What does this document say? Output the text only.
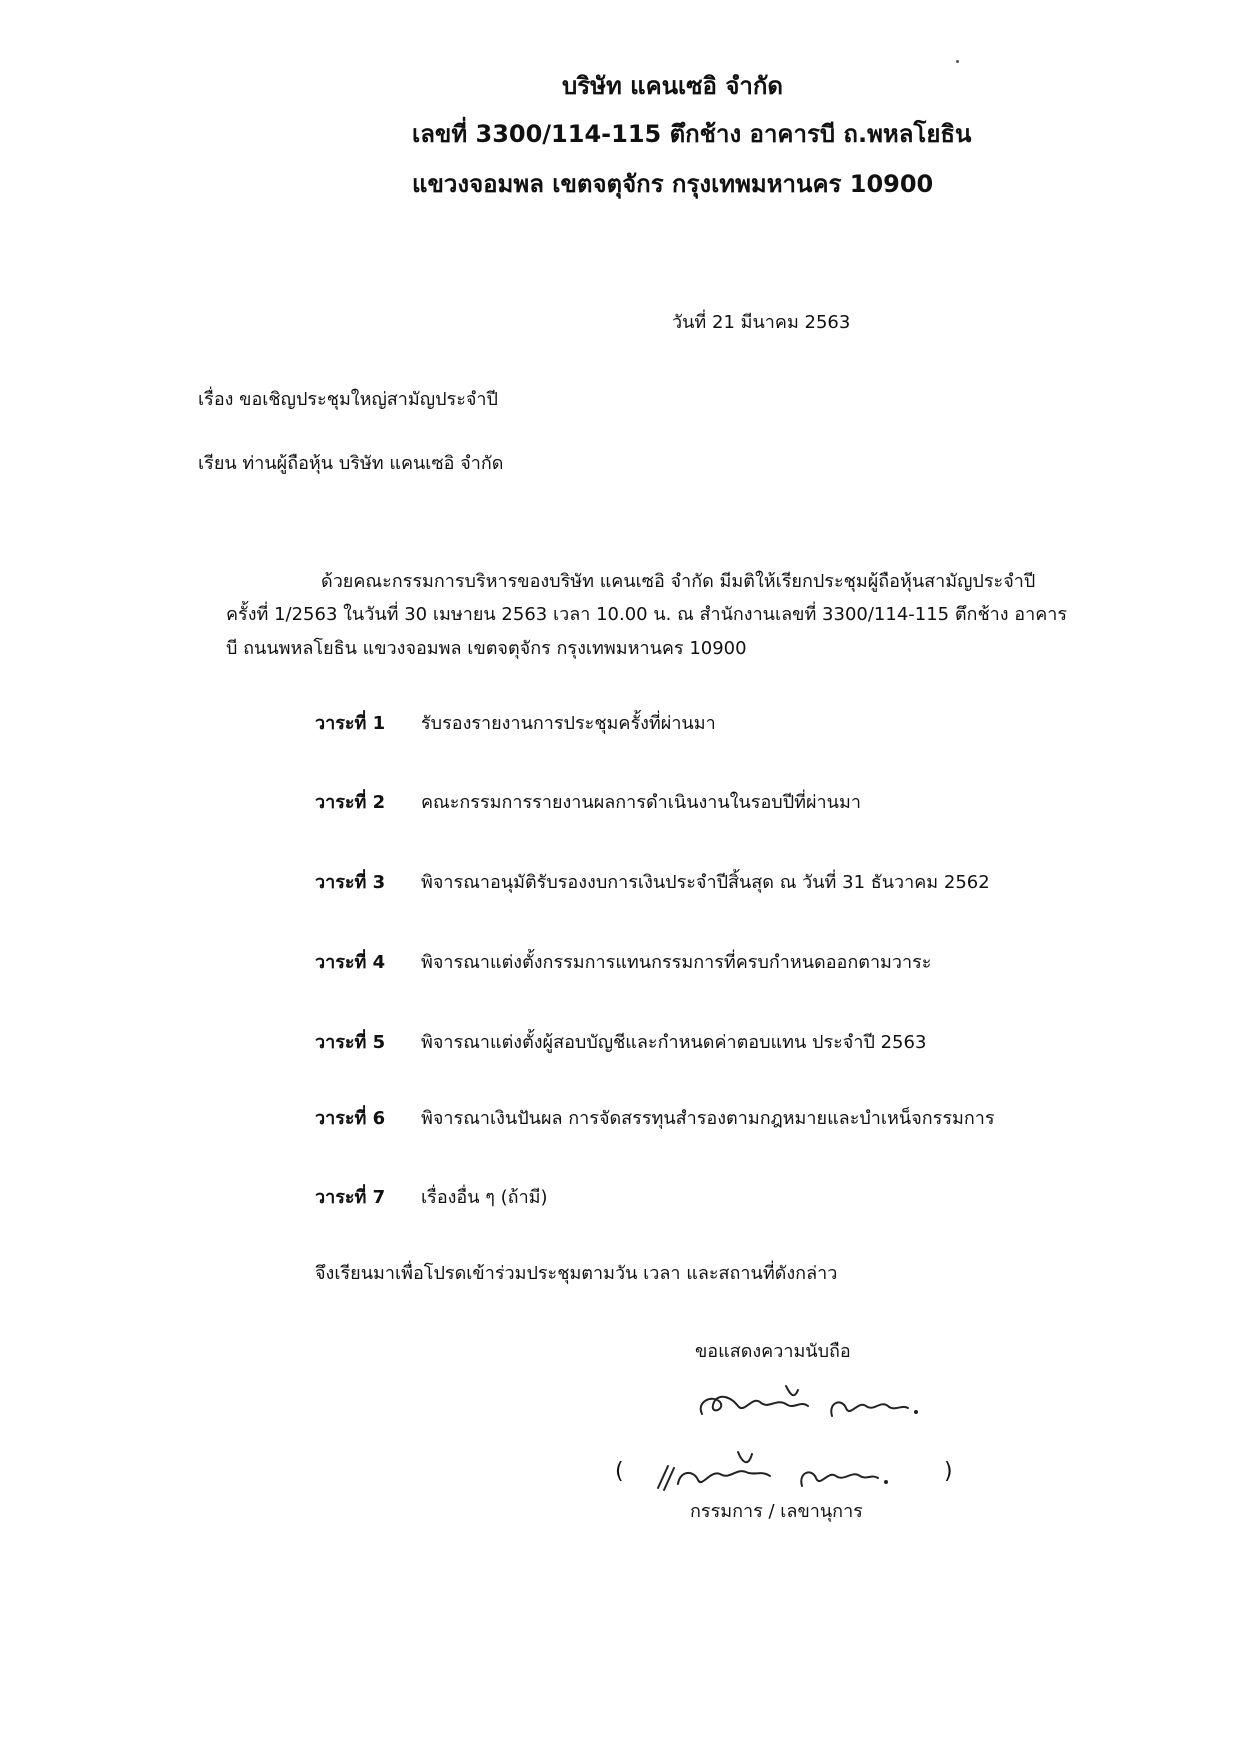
บริษัท แคนเซอิ จำกัด
เลขที่ 3300/114-115 ตึกช้าง อาคารบี ถ.พหลโยธิน
แขวงจอมพล เขตจตุจักร กรุงเทพมหานคร 10900
วันที่ 21 มีนาคม 2563
เรื่อง ขอเชิญประชุมใหญ่สามัญประจำปี
เรียน ท่านผู้ถือหุ้น บริษัท แคนเซอิ จำกัด
ด้วยคณะกรรมการบริหารของบริษัท แคนเซอิ จำกัด มีมติให้เรียกประชุมผู้ถือหุ้นสามัญประจำปี
ครั้งที่ 1/2563 ในวันที่ 30 เมษายน 2563 เวลา 10.00 น. ณ สำนักงานเลขที่ 3300/114-115 ตึกช้าง อาคาร
บี ถนนพหลโยธิน แขวงจอมพล เขตจตุจักร กรุงเทพมหานคร 10900
วาระที่ 1 รับรองรายงานการประชุมครั้งที่ผ่านมา
วาระที่ 2 คณะกรรมการรายงานผลการดำเนินงานในรอบปีที่ผ่านมา
วาระที่ 3 พิจารณาอนุมัติรับรองงบการเงินประจำปีสิ้นสุด ณ วันที่ 31 ธันวาคม 2562
วาระที่ 4 พิจารณาแต่งตั้งกรรมการแทนกรรมการที่ครบกำหนดออกตามวาระ
วาระที่ 5 พิจารณาแต่งตั้งผู้สอบบัญชีและกำหนดค่าตอบแทน ประจำปี 2563
วาระที่ 6 พิจารณาเงินปันผล การจัดสรรทุนสำรองตามกฎหมายและบำเหน็จกรรมการ
วาระที่ 7 เรื่องอื่น ๆ (ถ้ามี)
จึงเรียนมาเพื่อโปรดเข้าร่วมประชุมตามวัน เวลา และสถานที่ดังกล่าว
ขอแสดงความนับถือ
(	)
กรรมการ / เลขานุการ
